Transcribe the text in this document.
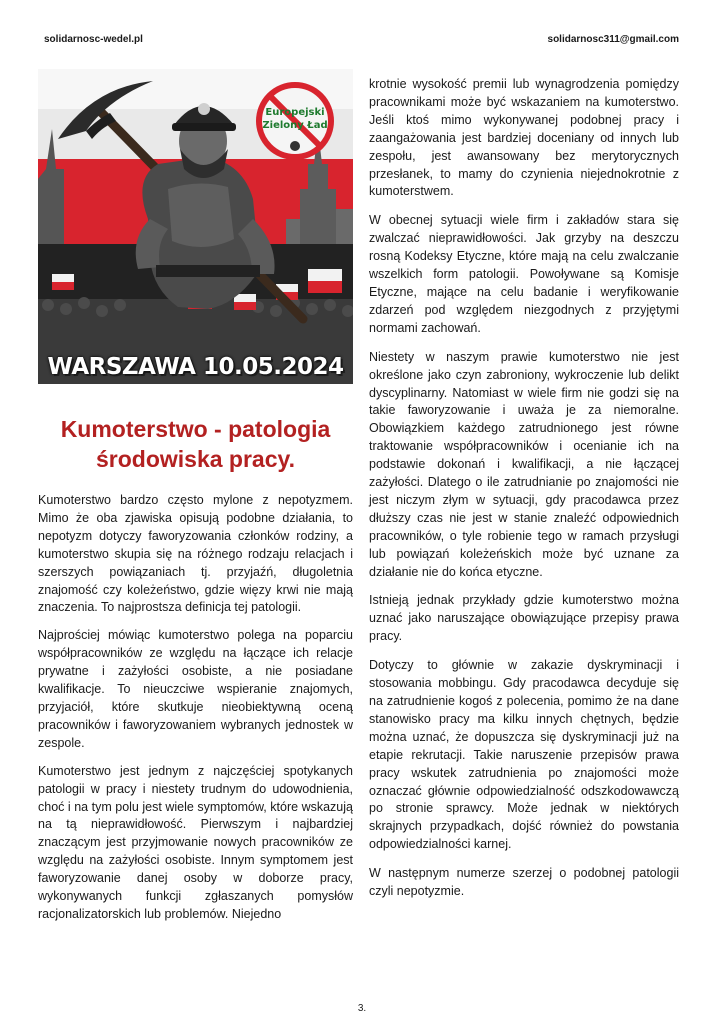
solidarnosc-wedel.pl	solidarnosc311@gmail.com
Europejski
Zielony Ład
WARSZAWA 10.05.2024
Kumoterstwo - patologia
środowiska pracy.

Kumoterstwo bardzo często mylone z nepotyzmem. Mimo że oba zjawiska opisują podobne działania, to nepotyzm dotyczy faworyzowania członków rodziny, a kumoterstwo skupia się na różnego rodzaju relacjach i szerszych powiązaniach tj. przyjaźń, długoletnia znajomość czy koleżeństwo, gdzie więzy krwi nie mają znaczenia. To najprostsza definicja tej patologii.

Najprościej mówiąc kumoterstwo polega na poparciu współpracowników ze względu na łączące ich relacje prywatne i zażyłości osobiste, a nie posiadane kwalifikacje. To nieuczciwe wspieranie znajomych, przyjaciół, które skutkuje nieobiektywną oceną pracowników i faworyzowaniem wybranych jednostek w zespole.

Kumoterstwo jest jednym z najczęściej spotykanych patologii w pracy i niestety trudnym do udowodnienia, choć i na tym polu jest wiele symptomów, które wskazują na tą nieprawidłowość. Pierwszym i najbardziej znaczącym jest przyjmowanie nowych pracowników ze względu na zażyłości osobiste. Innym symptomem jest faworyzowanie danej osoby w doborze pracy, wykonywanych funkcji zgłaszanych pomysłów racjonalizatorskich lub problemów. Niejedno

krotnie wysokość premii lub wynagrodzenia pomiędzy pracownikami może być wskazaniem na kumoterstwo. Jeśli ktoś mimo wykonywanej podobnej pracy i zaangażowania jest bardziej doceniany od innych lub zespołu, jest awansowany bez merytorycznych przesłanek, to mamy do czynienia niejednokrotnie z kumoterstwem.

W obecnej sytuacji wiele firm i zakładów stara się zwalczać nieprawidłowości. Jak grzyby na deszczu rosną Kodeksy Etyczne, które mają na celu zwalczanie wszelkich form patologii. Powoływane są Komisje Etyczne, mające na celu badanie i weryfikowanie zdarzeń pod względem niezgodnych z przyjętymi normami zachowań.

Niestety w naszym prawie kumoterstwo nie jest określone jako czyn zabroniony, wykroczenie lub delikt dyscyplinarny. Natomiast w wiele firm nie godzi się na takie faworyzowanie i uważa je za niemoralne. Obowiązkiem każdego zatrudnionego jest równe traktowanie współpracowników i ocenianie ich na podstawie dokonań i kwalifikacji, a nie łączącej zażyłości. Dlatego o ile zatrudnianie po znajomości nie jest niczym złym w sytuacji, gdy pracodawca przez dłuższy czas nie jest w stanie znaleźć odpowiednich pracowników, o tyle robienie tego w ramach przysługi lub powiązań koleżeńskich może być uznane za działanie nie do końca etyczne.

Istnieją jednak przykłady gdzie kumoterstwo można uznać jako naruszające obowiązujące przepisy prawa pracy.

Dotyczy to głównie w zakazie dyskryminacji i stosowania mobbingu. Gdy pracodawca decyduje się na zatrudnienie kogoś z polecenia, pomimo że na dane stanowisko pracy ma kilku innych chętnych, będzie można uznać, że dopuszcza się dyskryminacji już na etapie rekrutacji. Takie naruszenie przepisów prawa pracy wskutek zatrudnienia po znajomości może oznaczać głównie odpowiedzialność odszkodowawczą po stronie sprawcy. Może jednak w niektórych skrajnych przypadkach, dojść również do powstania odpowiedzialności karnej.

W następnym numerze szerzej o podobnej patologii czyli nepotyzmie.

3.
